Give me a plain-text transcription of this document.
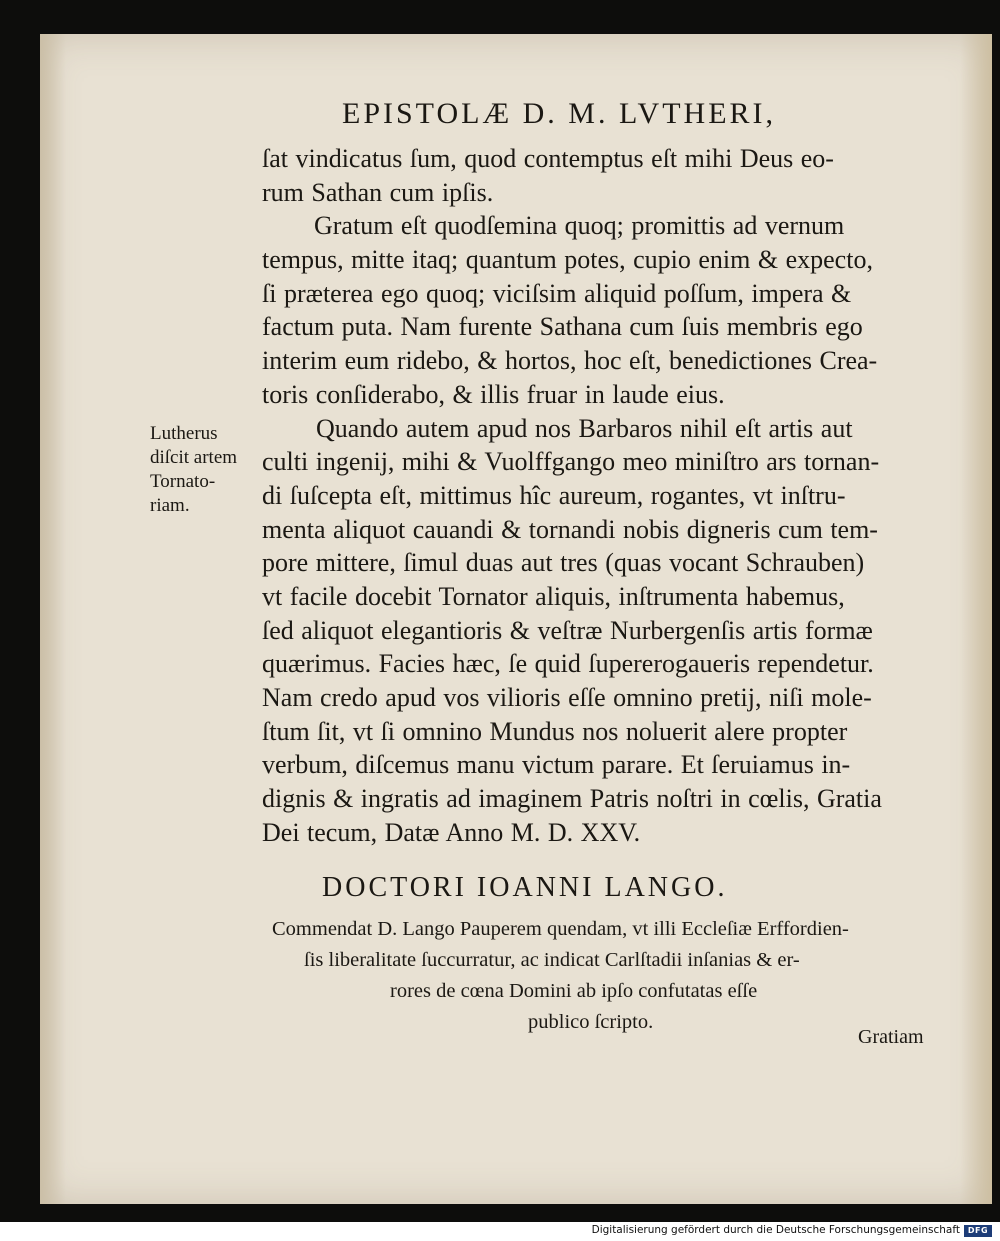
EPISTOLÆ D. M. LVTHERI,
ſat vindicatus ſum, quod contemptus eſt mihi Deus eo-
rum Sathan cum ipſis.
Gratum eſt quodſemina quoq; promittis ad vernum
tempus, mitte itaq; quantum potes, cupio enim & expecto,
ſi præterea ego quoq; viciſsim aliquid poſſum, impera &
factum puta. Nam furente Sathana cum ſuis membris ego
interim eum ridebo, & hortos, hoc eſt, benedictiones Crea-
toris conſiderabo, & illis fruar in laude eius.
Quando autem apud nos Barbaros nihil eſt artis aut
culti ingenij, mihi & Vuolffgango meo miniſtro ars tornan-
di ſuſcepta eſt, mittimus hîc aureum, rogantes, vt inſtru-
menta aliquot cauandi & tornandi nobis digneris cum tem-
pore mittere, ſimul duas aut tres (quas vocant Schrauben)
vt facile docebit Tornator aliquis, inſtrumenta habemus,
ſed aliquot elegantioris & veſtræ Nurbergenſis artis formæ
quærimus. Facies hæc, ſe quid ſupererogaueris rependetur.
Nam credo apud vos vilioris eſſe omnino pretij, niſi mole-
ſtum ſit, vt ſi omnino Mundus nos noluerit alere propter
verbum, diſcemus manu victum parare. Et ſeruiamus in-
dignis & ingratis ad imaginem Patris noſtri in cœlis, Gratia
Dei tecum, Datæ Anno M. D. XXV.
Lutherus
diſcit artem
Tornato-
riam.
DOCTORI IOANNI LANGO.
Commendat D. Lango Pauperem quendam, vt illi Eccleſiæ Erffordien-
ſis liberalitate ſuccurratur, ac indicat Carlſtadii inſanias & er-
rores de cœna Domini ab ipſo confutatas eſſe
publico ſcripto.
Gratiam
Digitalisierung gefördert durch die Deutsche Forschungsgemeinschaft DFG
